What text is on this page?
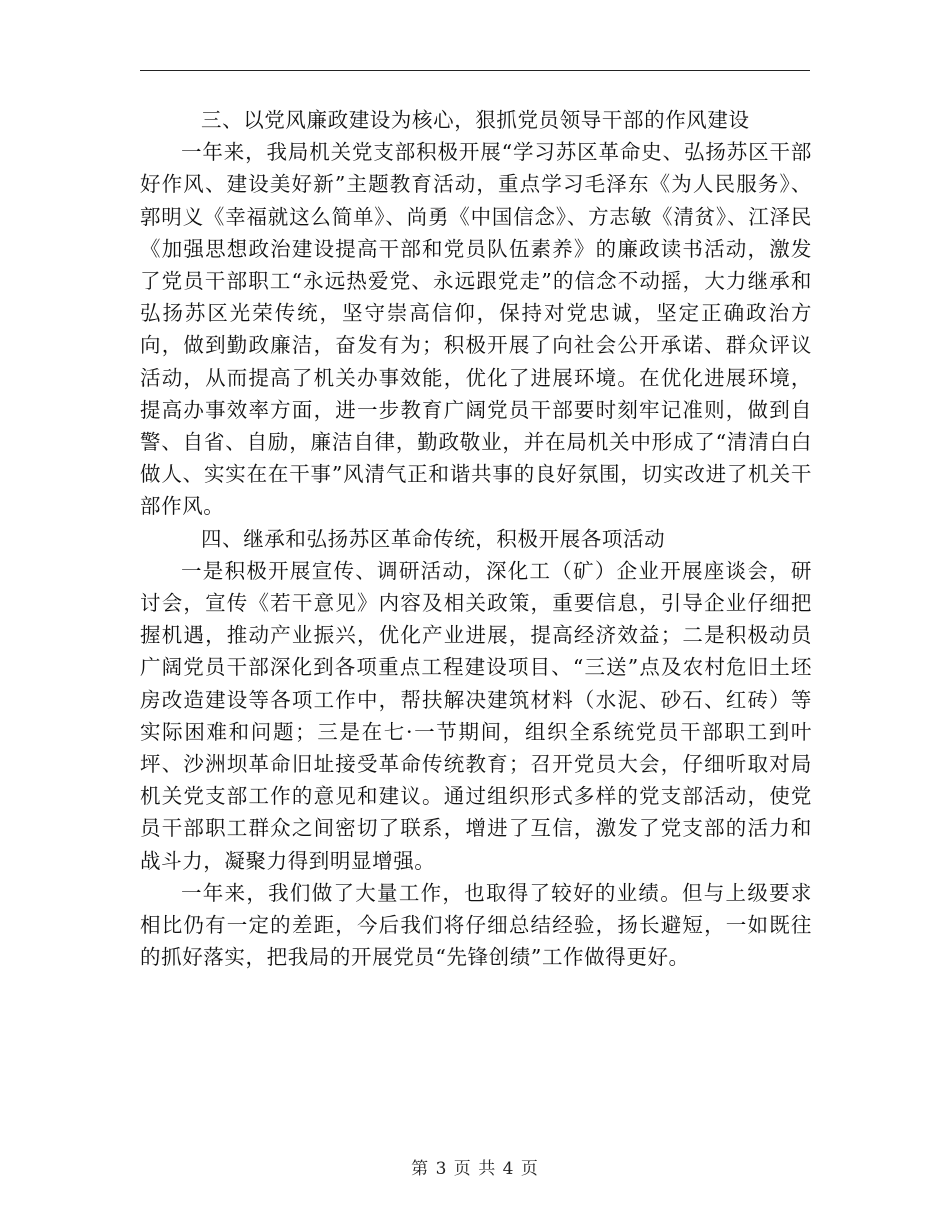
三、以党风廉政建设为核心，狠抓党员领导干部的作风建设

一年来，我局机关党支部积极开展“学习苏区革命史、弘扬苏区干部好作风、建设美好新”主题教育活动，重点学习毛泽东《为人民服务》、郭明义《幸福就这么简单》、尚勇《中国信念》、方志敏《清贫》、江泽民《加强思想政治建设提高干部和党员队伍素养》的廉政读书活动，激发了党员干部职工“永远热爱党、永远跟党走”的信念不动摇，大力继承和弘扬苏区光荣传统，坚守崇高信仰，保持对党忠诚，坚定正确政治方向，做到勤政廉洁，奋发有为；积极开展了向社会公开承诺、群众评议活动，从而提高了机关办事效能，优化了进展环境。在优化进展环境，提高办事效率方面，进一步教育广阔党员干部要时刻牢记准则，做到自警、自省、自励，廉洁自律，勤政敬业，并在局机关中形成了“清清白白做人、实实在在干事”风清气正和谐共事的良好氛围，切实改进了机关干部作风。

四、继承和弘扬苏区革命传统，积极开展各项活动

一是积极开展宣传、调研活动，深化工（矿）企业开展座谈会，研讨会，宣传《若干意见》内容及相关政策，重要信息，引导企业仔细把握机遇，推动产业振兴，优化产业进展，提高经济效益；二是积极动员广阔党员干部深化到各项重点工程建设项目、“三送”点及农村危旧土坯房改造建设等各项工作中，帮扶解决建筑材料（水泥、砂石、红砖）等实际困难和问题；三是在七·一节期间，组织全系统党员干部职工到叶坪、沙洲坝革命旧址接受革命传统教育；召开党员大会，仔细听取对局机关党支部工作的意见和建议。通过组织形式多样的党支部活动，使党员干部职工群众之间密切了联系，增进了互信，激发了党支部的活力和战斗力，凝聚力得到明显增强。

一年来，我们做了大量工作，也取得了较好的业绩。但与上级要求相比仍有一定的差距，今后我们将仔细总结经验，扬长避短，一如既往的抓好落实，把我局的开展党员“先锋创绩”工作做得更好。

第 3 页 共 4 页
